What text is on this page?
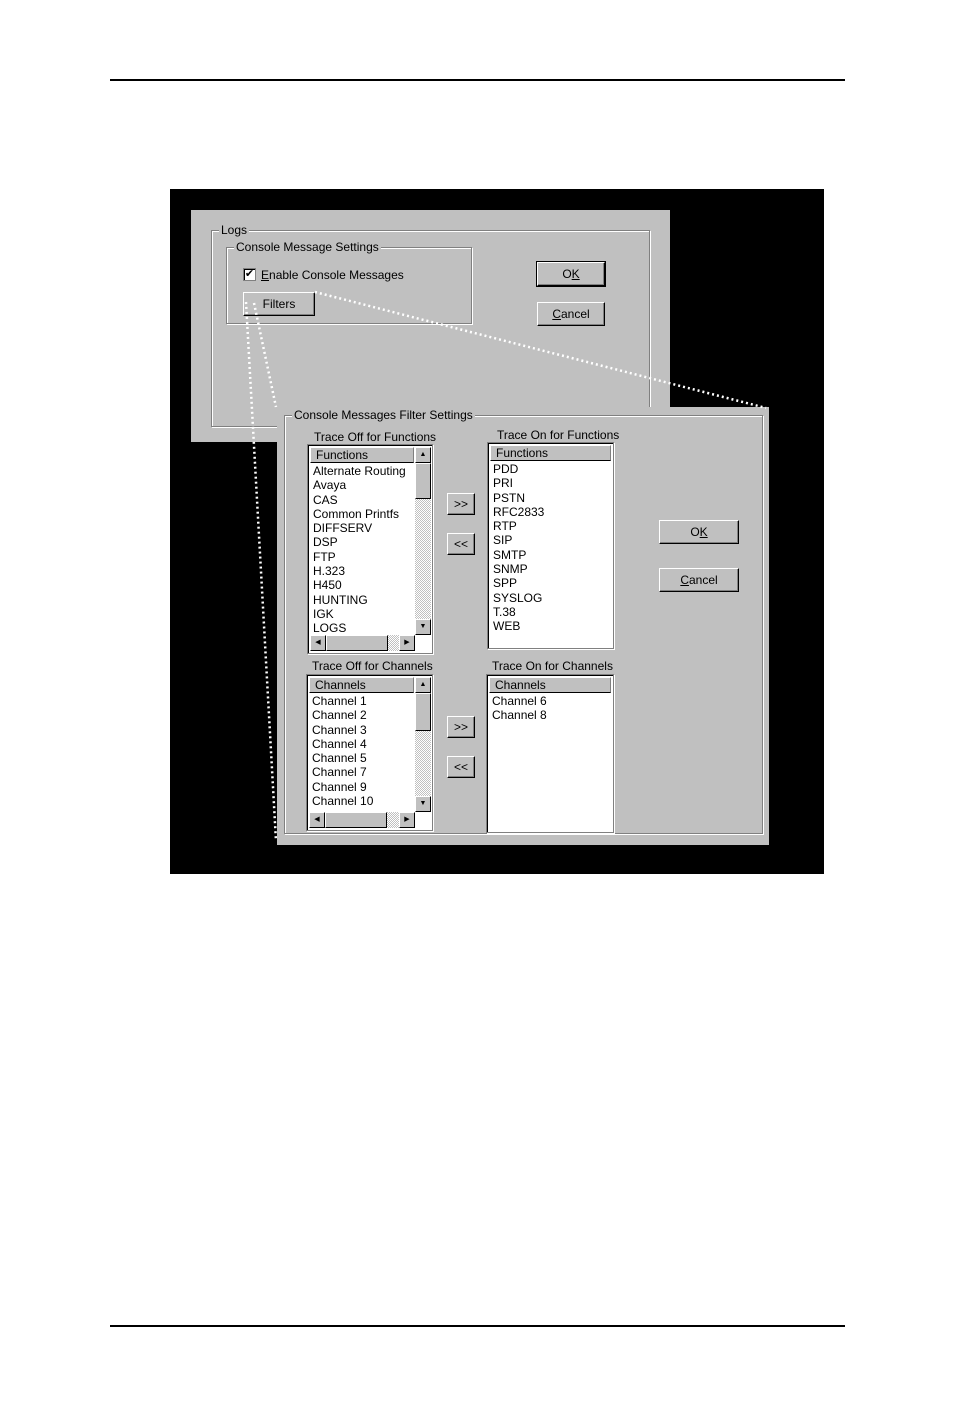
Logs
Console Message Settings
✔ Enable Console Messages
Filters
OK
Cancel
Console Messages Filter Settings
Trace Off for Functions
Functions
Alternate Routing
Avaya
CAS
Common Printfs
DIFFSERV
DSP
FTP
H.323
H450
HUNTING
IGK
LOGS
▲
▼
◀	▶
Trace On for Functions
Functions
PDD
PRI
PSTN
RFC2833
RTP
SIP
SMTP
SNMP
SPP
SYSLOG
T.38
WEB
>>
<<
Trace Off for Channels
Channels
Channel 1
Channel 2
Channel 3
Channel 4
Channel 5
Channel 7
Channel 9
Channel 10
▲
▼
◀	▶
Trace On for Channels
Channels
Channel 6
Channel 8
>>
<<
OK
Cancel
